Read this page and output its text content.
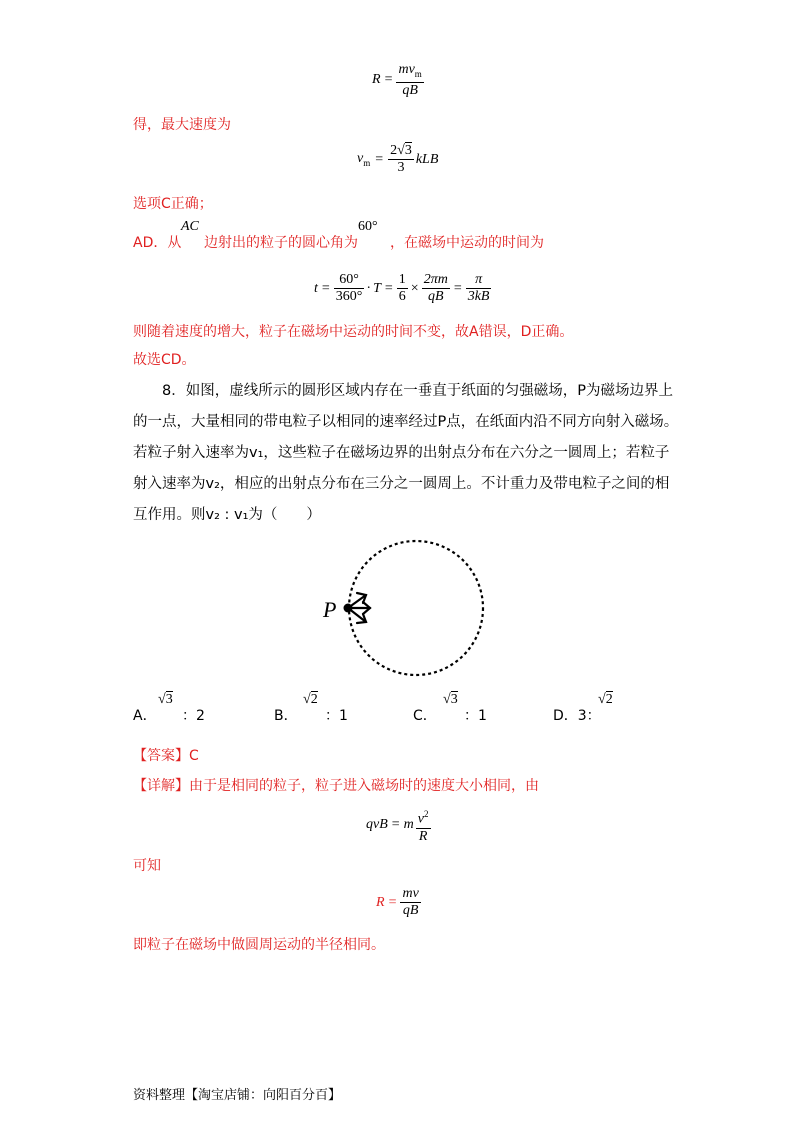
$R = \frac{mv_m}{qB}$
得，最大速度为
$v_m = \frac{2√3}{3}$ kLB
选项C正确；
AD．从
AC
边射出的粒子的圆心角为
60°
，在磁场中运动的时间为
$t = \frac{60^\circ}{360^\circ} \cdot T = \frac{1}{6} \times \frac{2\pi m}{qB} = \frac{\pi}{3kB}$
则随着速度的增大，粒子在磁场中运动的时间不变，故A错误，D正确。
故选CD。
8．如图，虚线所示的圆形区域内存在一垂直于纸面的匀强磁场，P为磁场边界上
的一点，大量相同的带电粒子以相同的速率经过P点，在纸面内沿不同方向射入磁场。
若粒子射入速率为v₁，这些粒子在磁场边界的出射点分布在六分之一圆周上；若粒子
射入速率为v₂，相应的出射点分布在三分之一圆周上。不计重力及带电粒子之间的相
互作用。则v₂ : v₁为（　　）
P
A．
√3
：2	B．
√2
：1	C．
√3
：1	D．3：
√2
【答案】C
【详解】由于是相同的粒子，粒子进入磁场时的速度大小相同，由
qvB = m $\frac{v^2}{R}$
可知
$R = \frac{mv}{qB}$
即粒子在磁场中做圆周运动的半径相同。
资料整理【淘宝店铺：向阳百分百】
